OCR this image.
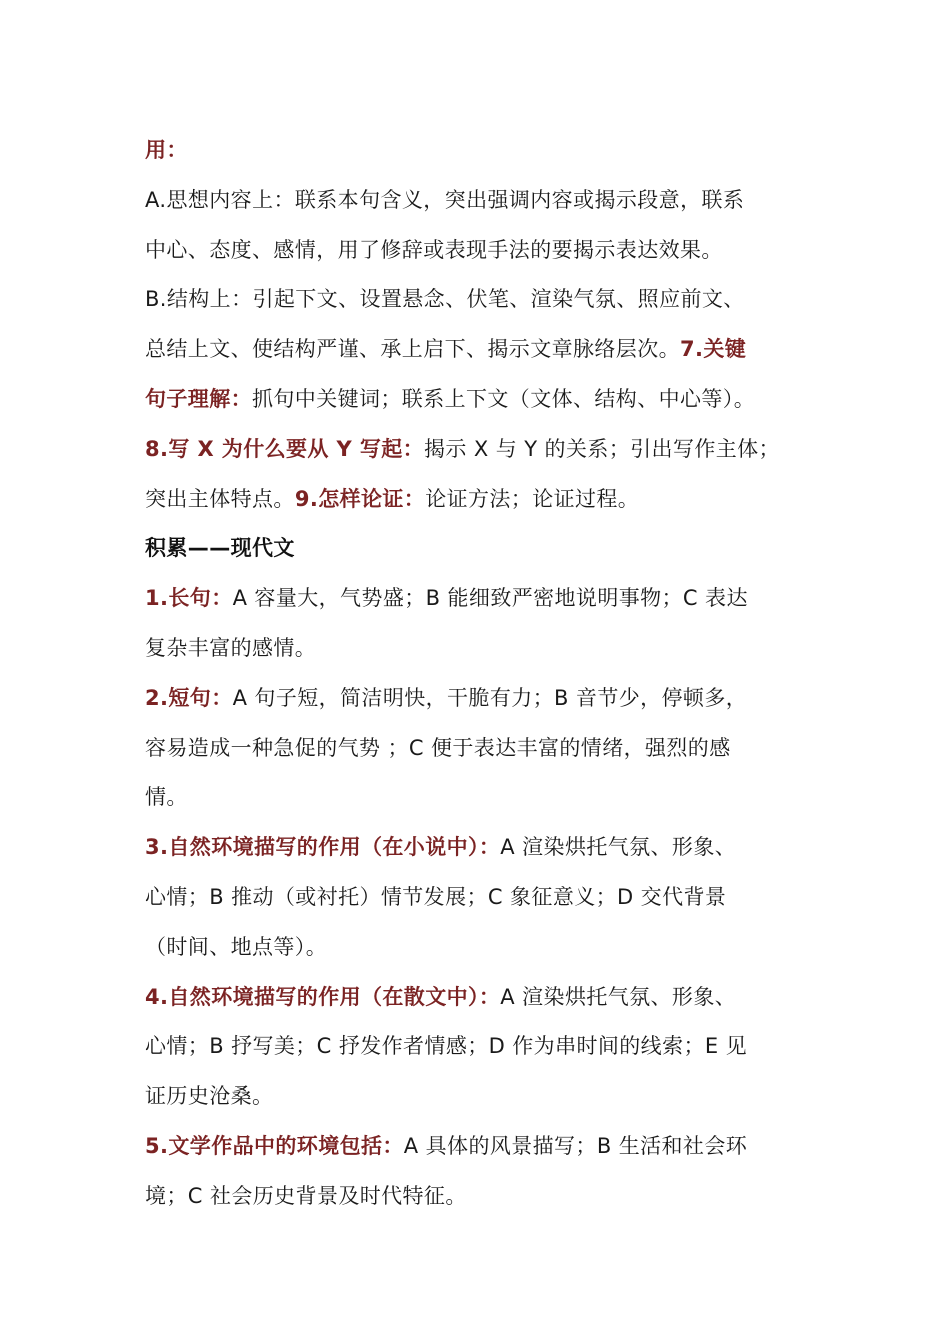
用：
A.思想内容上：联系本句含义，突出强调内容或揭示段意，联系
中心、态度、感情，用了修辞或表现手法的要揭示表达效果。
B.结构上：引起下文、设置悬念、伏笔、渲染气氛、照应前文、
总结上文、使结构严谨、承上启下、揭示文章脉络层次。7.关键
句子理解：抓句中关键词；联系上下文（文体、结构、中心等）。
8.写 X 为什么要从 Y 写起：揭示 X 与 Y 的关系；引出写作主体；
突出主体特点。9.怎样论证：论证方法；论证过程。
积累——现代文
1.长句：A 容量大，气势盛；B 能细致严密地说明事物；C 表达
复杂丰富的感情。
2.短句：A 句子短，简洁明快，干脆有力；B 音节少，停顿多，
容易造成一种急促的气势 ；C 便于表达丰富的情绪，强烈的感
情。
3.自然环境描写的作用（在小说中）：A 渲染烘托气氛、形象、
心情；B 推动（或衬托）情节发展；C 象征意义；D 交代背景
（时间、地点等）。
4.自然环境描写的作用（在散文中）：A 渲染烘托气氛、形象、
心情；B 抒写美；C 抒发作者情感；D 作为串时间的线索；E 见
证历史沧桑。
5.文学作品中的环境包括：A 具体的风景描写；B 生活和社会环
境；C 社会历史背景及时代特征。
